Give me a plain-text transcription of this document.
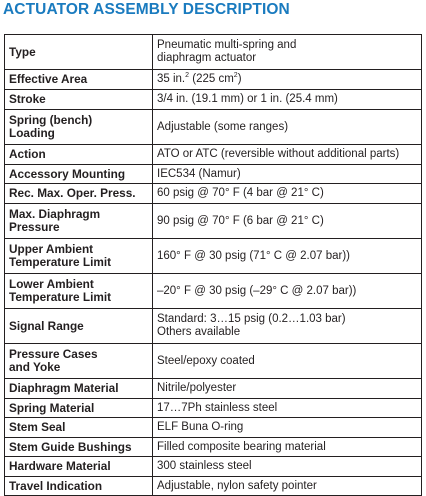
ACTUATOR ASSEMBLY DESCRIPTION
Type	Pneumatic multi-spring and
diaphragm actuator
Effective Area	35 in.$^2$ (225 $cm^2$)
Stroke	3/4 in. (19.1 mm) or 1 in. (25.4 mm)
Spring (bench)
Loading	Adjustable (some ranges)
Action	ATO or ATC (reversible without additional parts)
Accessory Mounting	IEC534 (Namur)
Rec. Max. Oper. Press.	60 psig @ 70° F (4 bar @ 21° C)
Max. Diaphragm
Pressure	90 psig @ 70° F (6 bar @ 21° C)
Upper Ambient
Temperature Limit	160° F @ 30 psig (71° C @ 2.07 bar))
Lower Ambient
Temperature Limit	–20° F @ 30 psig (–29° C @ 2.07 bar))
Signal Range	Standard: 3…15 psig (0.2…1.03 bar)
Others available
Pressure Cases
and Yoke	Steel/epoxy coated
Diaphragm Material	Nitrile/polyester
Spring Material	17…7Ph stainless steel
Stem Seal	ELF Buna O-ring
Stem Guide Bushings	Filled composite bearing material
Hardware Material	300 stainless steel
Travel Indication	Adjustable, nylon safety pointer
